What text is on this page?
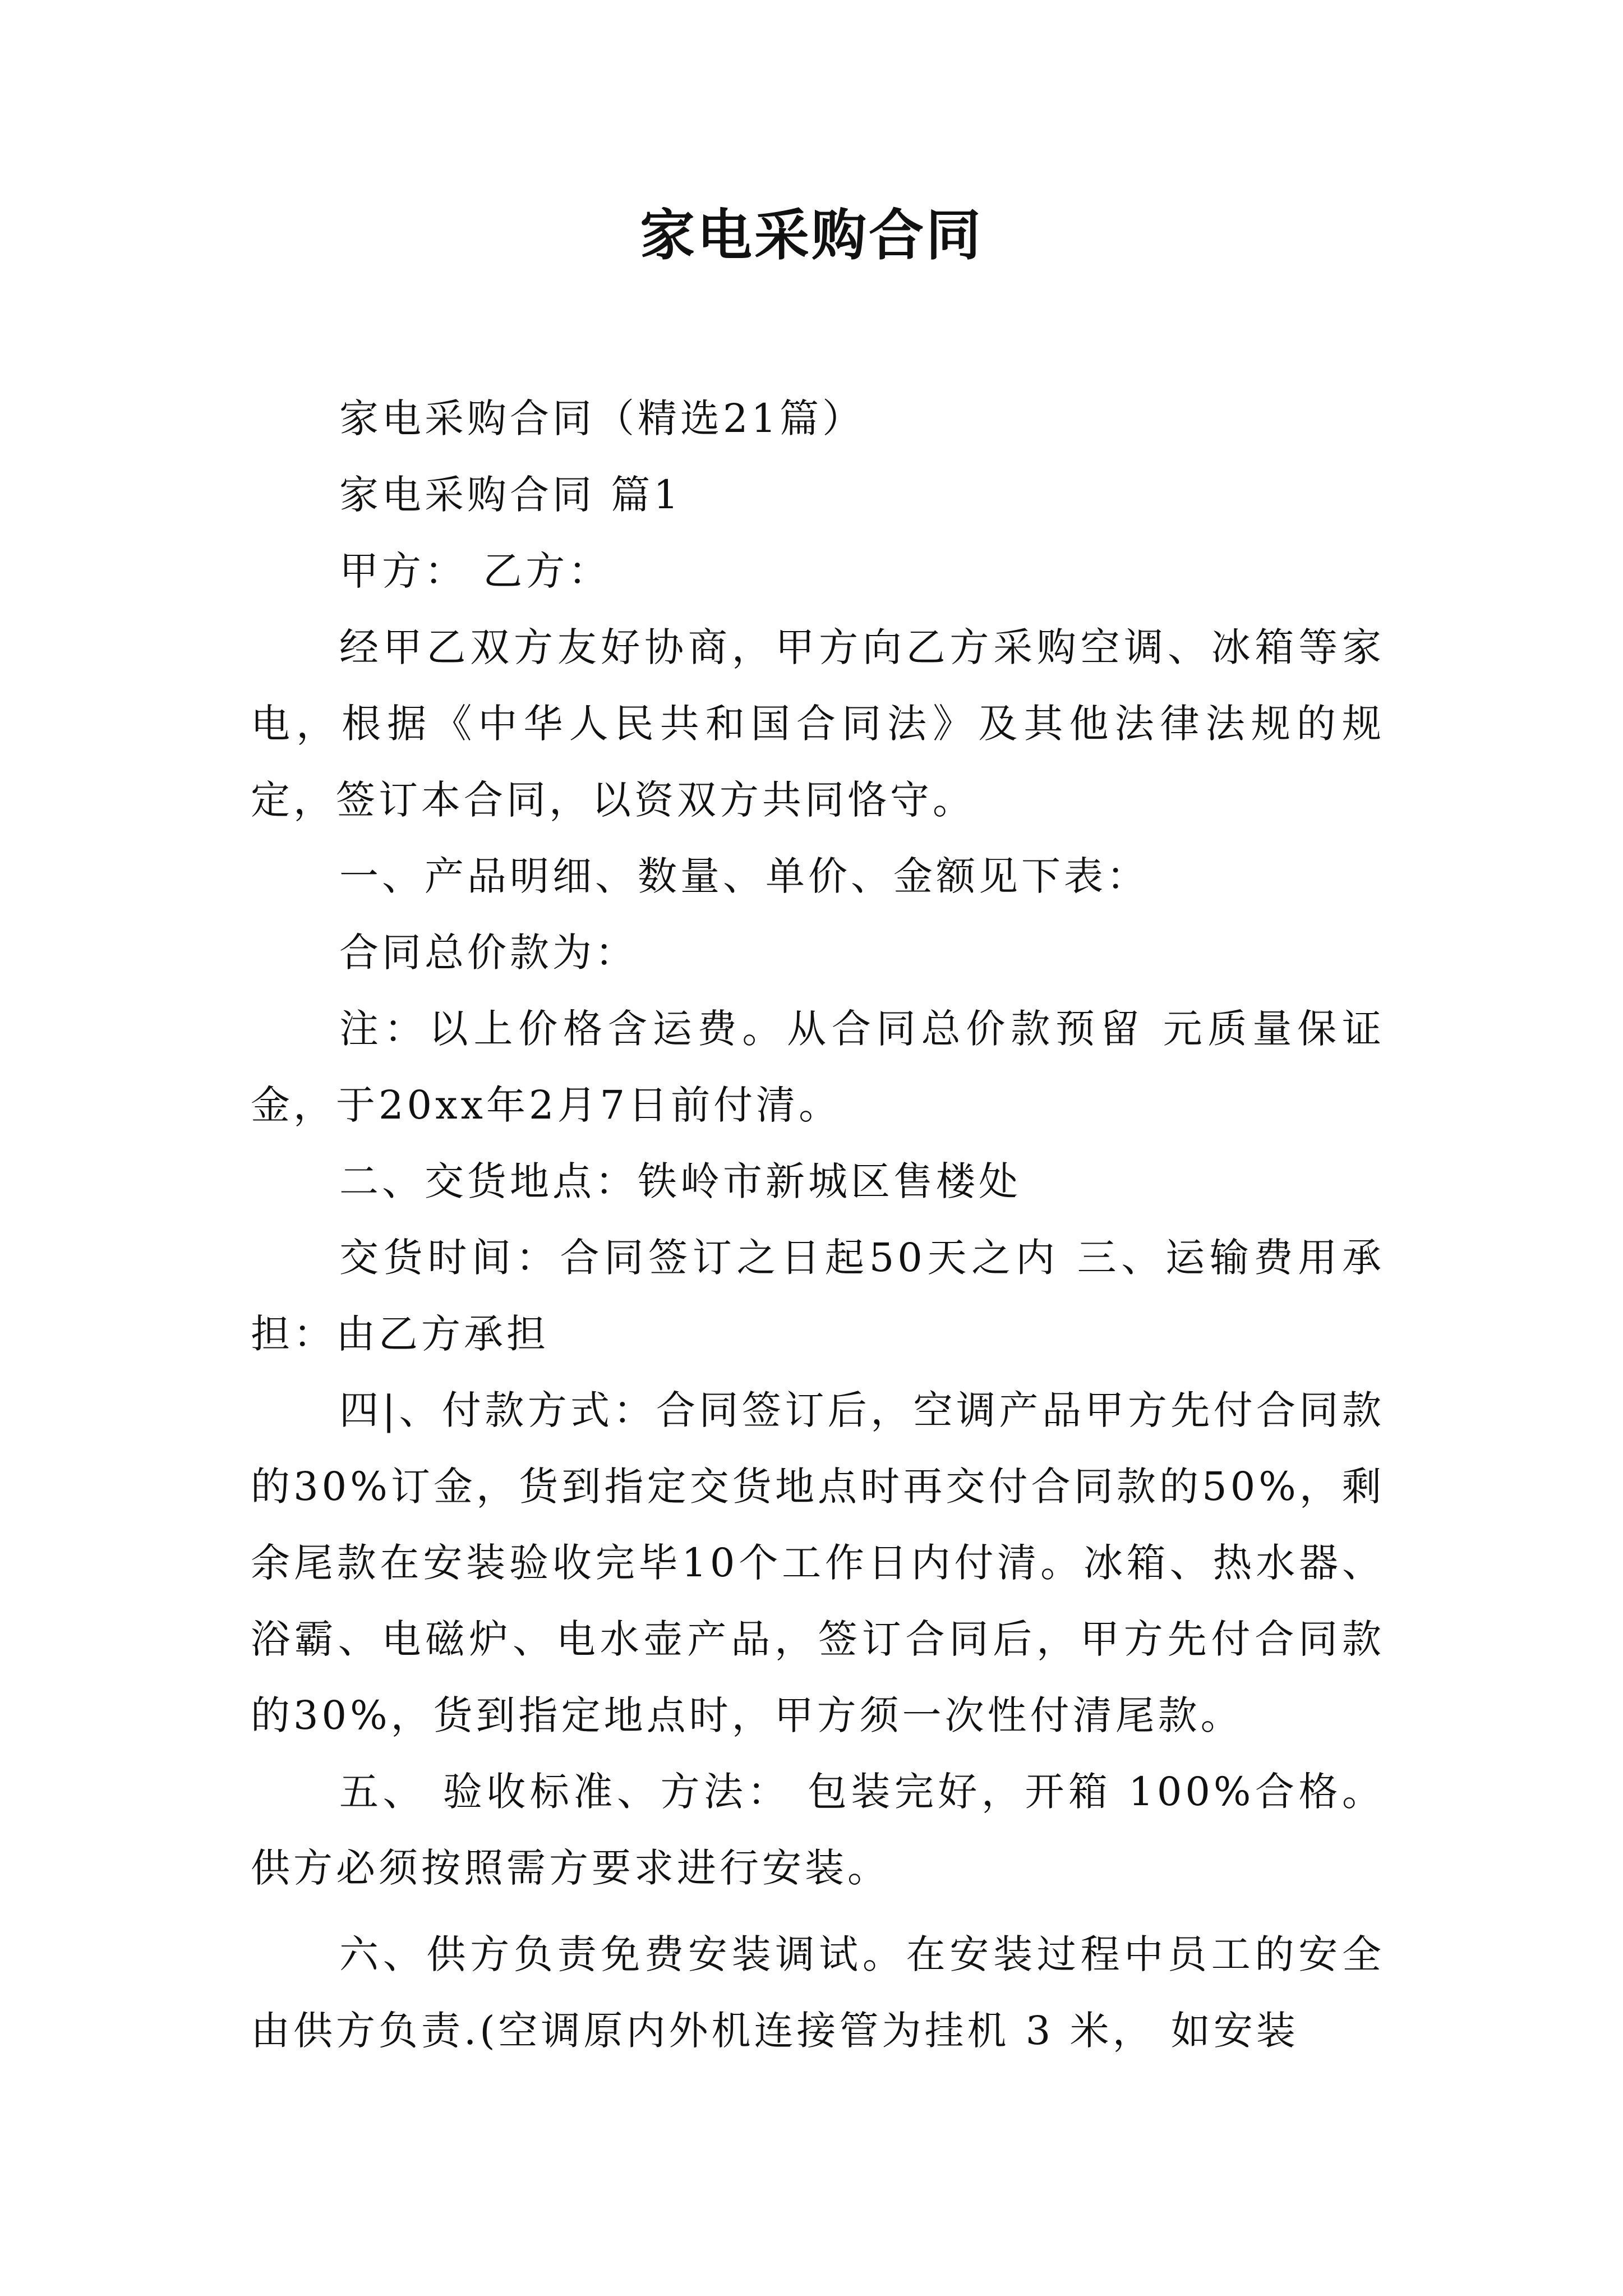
家电采购合同

家电采购合同（精选21篇）

家电采购合同 篇1

甲方： 乙方：

经甲乙双方友好协商，甲方向乙方采购空调、冰箱等家电，根据《中华人民共和国合同法》及其他法律法规的规定，签订本合同，以资双方共同恪守。

一、产品明细、数量、单价、金额见下表：

合同总价款为：

注：以上价格含运费。从合同总价款预留 元质量保证金，于20xx年2月7日前付清。

二、交货地点：铁岭市新城区售楼处

交货时间：合同签订之日起50天之内 三、运输费用承担：由乙方承担

四|、付款方式：合同签订后，空调产品甲方先付合同款的30%订金，货到指定交货地点时再交付合同款的50%，剩余尾款在安装验收完毕10个工作日内付清。冰箱、热水器、浴霸、电磁炉、电水壶产品，签订合同后，甲方先付合同款的30%，货到指定地点时，甲方须一次性付清尾款。

五、 验收标准、方法： 包装完好，开箱 100%合格。供方必须按照需方要求进行安装。

六、供方负责免费安装调试。在安装过程中员工的安全由供方负责.(空调原内外机连接管为挂机 3 米， 如安装
